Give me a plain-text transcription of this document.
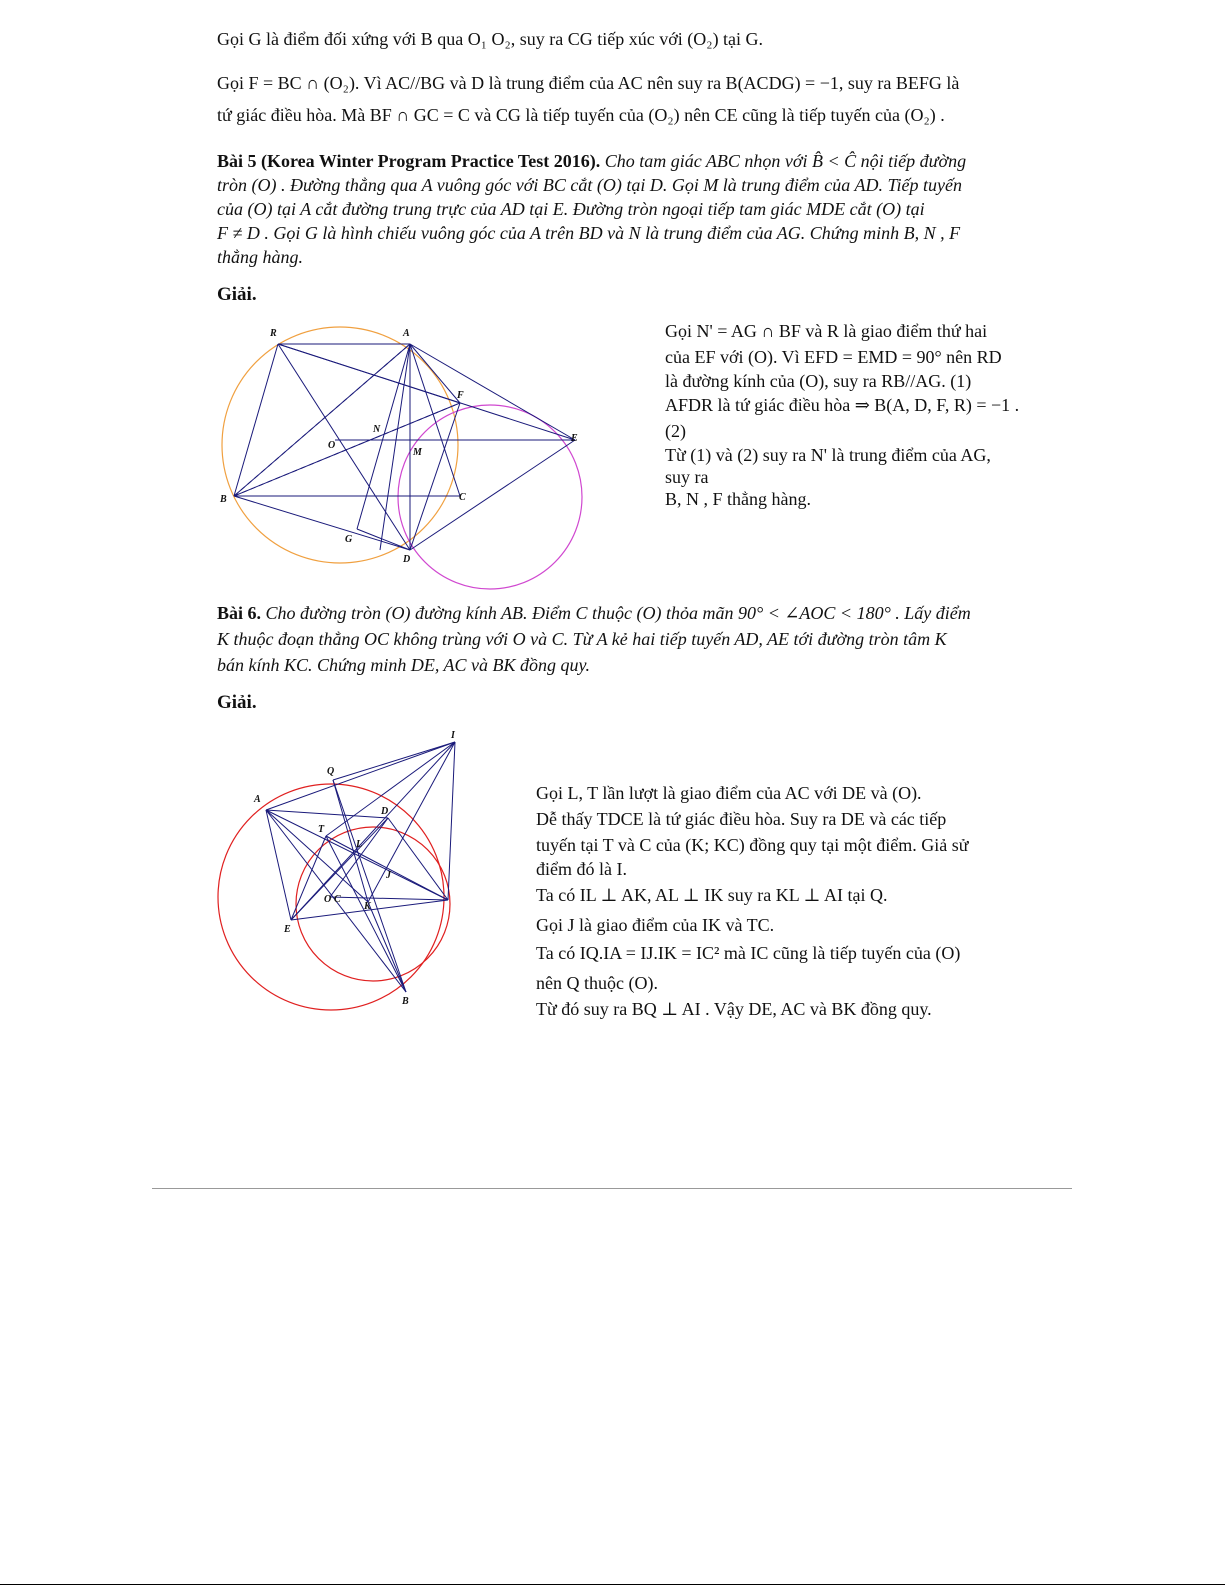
Gọi G là điểm đối xứng với B qua O₁ O₂, suy ra CG tiếp xúc với (O₂) tại G.
Gọi F = BC ∩ (O₂). Vì AC//BG và D là trung điểm của AC nên suy ra B(ACDG) = −1, suy ra BEFG là
tứ giác điều hòa. Mà BF ∩ GC = C và CG là tiếp tuyến của (O₂) nên CE cũng là tiếp tuyến của (O₂) .
Bài 5 (Korea Winter Program Practice Test 2016). Cho tam giác ABC nhọn với B̂ < Ĉ nội tiếp đường
tròn (O) . Đường thẳng qua A vuông góc với BC cắt (O) tại D. Gọi M là trung điểm của AD. Tiếp tuyến
của (O) tại A cắt đường trung trực của AD tại E. Đường tròn ngoại tiếp tam giác MDE cắt (O) tại
F ≠ D . Gọi G là hình chiếu vuông góc của A trên BD và N là trung điểm của AG. Chứng minh B, N , F
thẳng hàng.
Giải.
R	A
F
N
O
E
M
B	C
G
D
Gọi N' = AG ∩ BF và R là giao điểm thứ hai
của EF với (O). Vì EFD = EMD = 90° nên RD
là đường kính của (O), suy ra RB//AG. (1)
AFDR là tứ giác điều hòa ⇒ B(A, D, F, R) = −1 .
(2)
Từ (1) và (2) suy ra N' là trung điểm của AG,
suy ra
B, N , F thẳng hàng.
Bài 6. Cho đường tròn (O) đường kính AB. Điểm C thuộc (O) thỏa mãn 90° < ∠AOC < 180° . Lấy điểm
K thuộc đoạn thẳng OC không trùng với O và C. Từ A kẻ hai tiếp tuyến AD, AE tới đường tròn tâm K
bán kính KC. Chứng minh DE, AC và BK đồng quy.
Giải.
I
Q
A
D
T
L
J
O C
K
E
B
Gọi L, T lần lượt là giao điểm của AC với DE và (O).
Dễ thấy TDCE là tứ giác điều hòa. Suy ra DE và các tiếp
tuyến tại T và C của (K; KC) đồng quy tại một điểm. Giả sử
điểm đó là I.
Ta có IL ⊥ AK, AL ⊥ IK suy ra KL ⊥ AI tại Q.
Gọi J là giao điểm của IK và TC.
Ta có IQ.IA = IJ.IK = IC² mà IC cũng là tiếp tuyến của (O)
nên Q thuộc (O).
Từ đó suy ra BQ ⊥ AI . Vậy DE, AC và BK đồng quy.
